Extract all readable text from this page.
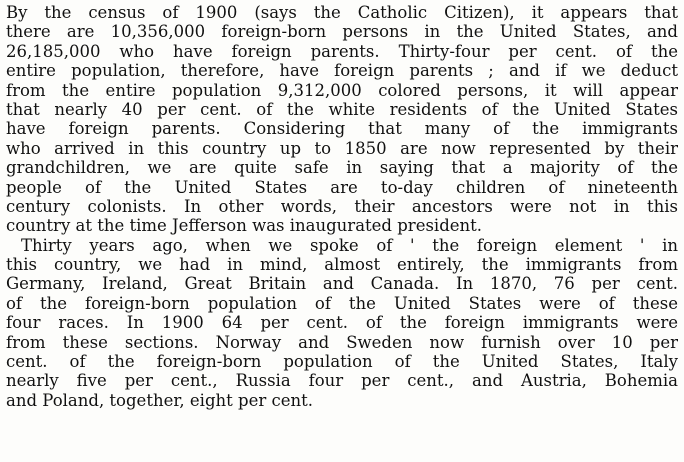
By the census of 1900 (says the Catholic Citizen), it appears that
there are 10,356,000 foreign-born persons in the United States, and
26,185,000 who have foreign parents. Thirty-four per cent. of the
entire population, therefore, have foreign parents ; and if we deduct
from the entire population 9,312,000 colored persons, it will appear
that nearly 40 per cent. of the white residents of the United States
have foreign parents. Considering that many of the immigrants
who arrived in this country up to 1850 are now represented by their
grandchildren, we are quite safe in saying that a majority of the
people of the United States are to-day children of nineteenth
century colonists. In other words, their ancestors were not in this
country at the time Jefferson was inaugurated president.
Thirty years ago, when we spoke of ' the foreign element ' in
this country, we had in mind, almost entirely, the immigrants from
Germany, Ireland, Great Britain and Canada. In 1870, 76 per cent.
of the foreign-born population of the United States were of these
four races. In 1900 64 per cent. of the foreign immigrants were
from these sections. Norway and Sweden now furnish over 10 per
cent. of the foreign-born population of the United States, Italy
nearly five per cent., Russia four per cent., and Austria, Bohemia
and Poland, together, eight per cent.
